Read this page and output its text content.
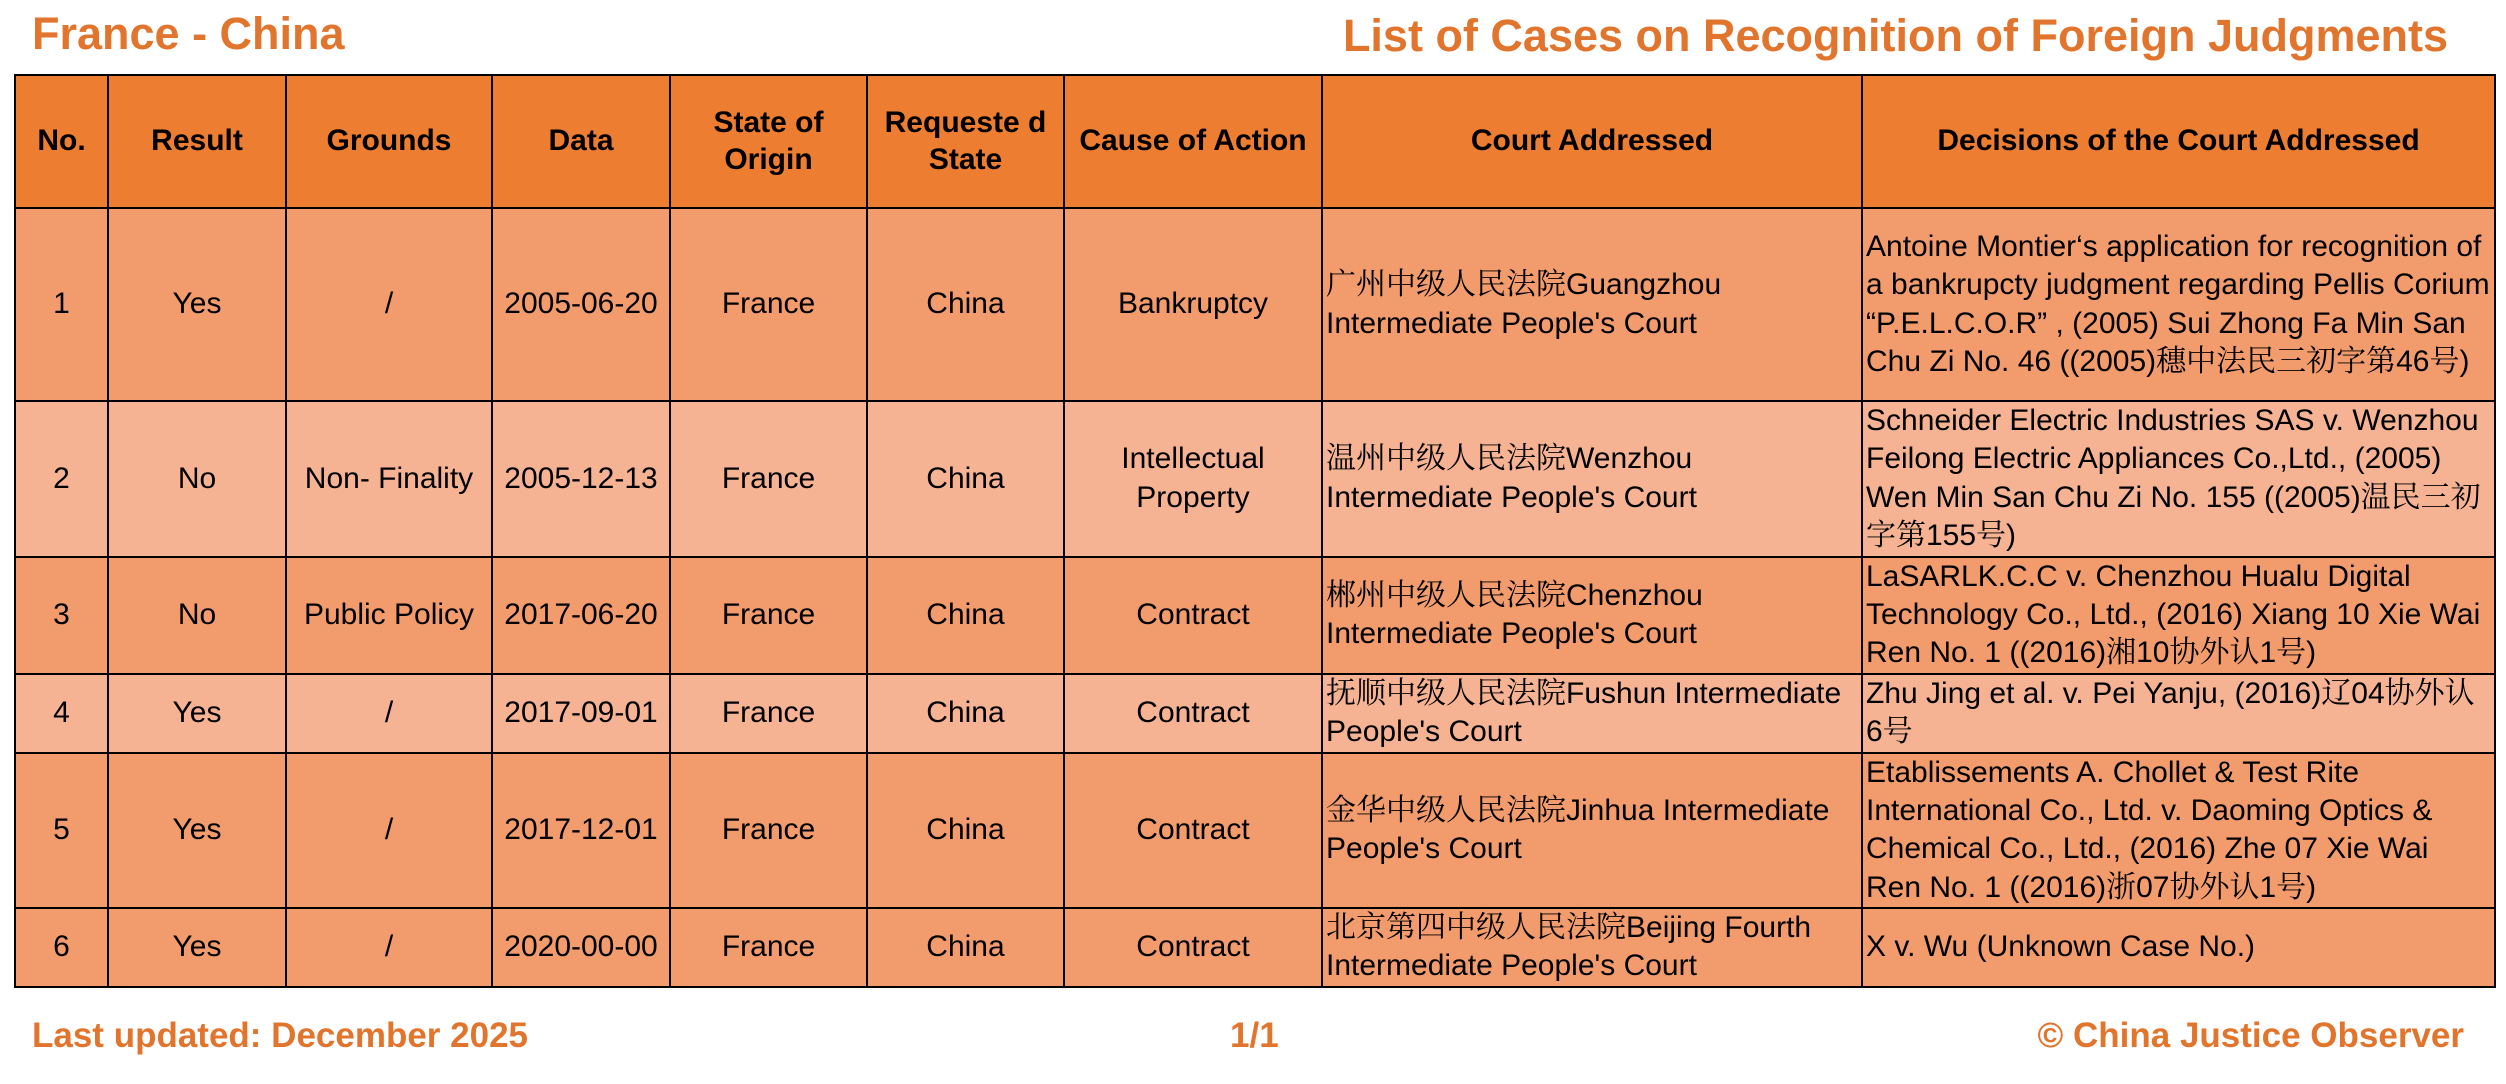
France - China	List of Cases on Recognition of Foreign Judgments
No.	Result	Grounds	Data	State of Origin	Requeste d State	Cause of Action	Court Addressed	Decisions of the Court Addressed
1	Yes	/	2005-06-20	France	China	Bankruptcy	广州中级人民法院Guangzhou Intermediate People's Court	Antoine Montier‘s application for recognition of a bankrupcty judgment regarding Pellis Corium “P.E.L.C.O.R” , (2005) Sui Zhong Fa Min San Chu Zi No. 46 ((2005)穗中法民三初字第46号)
2	No	Non- Finality	2005-12-13	France	China	Intellectual Property	温州中级人民法院Wenzhou Intermediate People's Court	Schneider Electric Industries SAS v. Wenzhou Feilong Electric Appliances Co.,Ltd., (2005) Wen Min San Chu Zi No. 155 ((2005)温民三初字第155号)
3	No	Public Policy	2017-06-20	France	China	Contract	郴州中级人民法院Chenzhou Intermediate People's Court	LaSARLK.C.C v. Chenzhou Hualu Digital Technology Co., Ltd., (2016) Xiang 10 Xie Wai Ren No. 1 ((2016)湘10协外认1号)
4	Yes	/	2017-09-01	France	China	Contract	抚顺中级人民法院Fushun Intermediate People's Court	Zhu Jing et al. v. Pei Yanju, (2016)辽04协外认6号
5	Yes	/	2017-12-01	France	China	Contract	金华中级人民法院Jinhua Intermediate People's Court	Etablissements A. Chollet & Test Rite International Co., Ltd. v. Daoming Optics & Chemical Co., Ltd., (2016) Zhe 07 Xie Wai Ren No. 1 ((2016)浙07协外认1号)
6	Yes	/	2020-00-00	France	China	Contract	北京第四中级人民法院Beijing Fourth Intermediate People's Court	X v. Wu (Unknown Case No.)
Last updated: December 2025	1/1	© China Justice Observer
